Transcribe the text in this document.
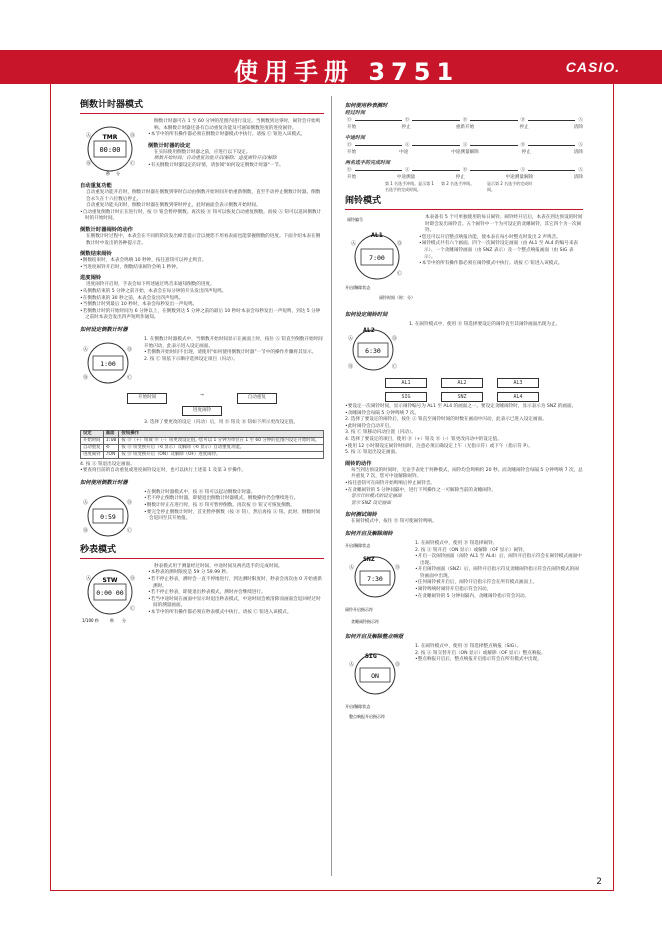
使用手册 3751	CASIO.
倒数计时器模式
TMR
00:00
Ⓐ
Ⓑ
Ⓓ
Ⓒ
秒 分

倒数计时器可在 1 至 60 分钟的范围内进行设定。当倒数到达零时，闹铃会开始鸣响。本倒数计时器还备有自动重复功能及可通知倒数进度的进度闹铃。

• 本节中的所有操作都必须在倒数计时器模式中执行。请按 Ⓒ 钮进入该模式。

倒数计时器的设定

在实际使用倒数计时器之前，应进行以下设定。

倒数开始时间；自动重复功能开启/解除；进度闹铃开启/解除

• 有关倒数计时器设定的详情，请参阅"如何设定倒数计时器"一节。

自动重复功能

自动重复功能开启时，倒数计时器在倒数到零时自动由倒数开始时间开始重新倒数，直至手动停止倒数计时器。倒数会永久在十六位数后停止。

自动重复功能关闭时，倒数计时器在倒数到零时停止，此时画面会表示倒数开始时间。

• 自动重复倒数计时正在进行时，按 Ⓓ 钮会暂停倒数。再次按 Ⓓ 钮可以恢复自动重复倒数。而按 Ⓐ 钮可以返回倒数计时的开始时间。

倒数计时器闹铃的动作

在倒数计时过程中，本表会在不同的阶段发出蜂音提示音以便您不用看表面也能掌握倒数的进度。下面介绍本表在倒数计时中发出的各种提示音。

倒数结束闹铃

• 倒数结束时，本表会鸣响 10 秒钟，按任意钮可以停止鸣音。

• 当进度闹铃开启时，倒数结束闹铃会响 1 秒钟。

进度闹铃

进度闹铃开启时，手表会如下所述通过鸣音来通知倒数的进度。

• 从倒数结束的 5 分钟之前开始，本表会在每分钟的开头发出四声短鸣。

• 在倒数结束的 30 秒之前，本表会发出四声短鸣。

• 当倒数计时到最后 10 秒时，本表会每秒发出一声短鸣。

• 若倒数计时的开始时间为 6 分钟以上，在倒数到达 5 分钟之前的最后 10 秒时本表会每秒发出一声短鸣，到达 5 分钟之前时本表会发出四声短鸣作通知。

如何设定倒数计时器
1:00
Ⓐ
Ⓑ
Ⓓ
Ⓒ

1. 在倒数计时器模式中，当倒数开始时间显示在画面上时，按住 Ⓐ 钮直至倒数开始时间开始闪动，此表示进入设定画面。

• 若倒数开始时间不出现，请使用"如何使用倒数计时器"一节中的操作步骤将其显示。

2. 按 Ⓒ 钮依下示顺序选择设定项目（闪动）。

开始时间	→	自动重复
进度闹铃

3. 选择了要更改的设定（闪动）后，用 Ⓓ 钮及 Ⓑ 钮如下所示更改设定值。

设定	画面	按钮操作
开始时间	1:00	按 Ⓓ（+）钮或 Ⓑ（-）钮更改设定值。·您可以 1 分钟为单位在 1 至 60 分钟的范围内设定开始时间。
自动重复	⟲	按 Ⓓ 钮变换开启（⟲ 显示）及解除（⟲ 显示）自动重复功能。
进度闹铃	♪ON	按 Ⓓ 钮变换开启（ON）及解除（OF）进度闹铃。

4. 按 Ⓐ 钮退出设定画面。

• 要查询目前的自动重复或进度闹铃设定时，也可以执行上述第 1 及第 3 步操作。

如何使用倒数计时器
0:59
Ⓐ
Ⓑ
Ⓓ
Ⓒ

• 在倒数计时器模式中，按 Ⓓ 钮可以起动倒数计时器。

• 若不停止倒数计时器，即使退出倒数计时器模式，倒数操作仍会继续进行。

• 倒数计时正在进行时，按 Ⓓ 钮可暂停倒数。再次按 Ⓓ 钮又可恢复倒数。

• 要完全停止倒数计时时，首先暂停倒数（按 Ⓓ 钮），然后再按 Ⓐ 钮。此时，倒数时间会返回至其开始值。

秒表模式
STW
0:00 00
Ⓐ	Ⓓ
Ⓒ
1/100 秒	秒 分

秒表模式用于测量经过时间、中途时间及两名选手的完成时间。

• 本秒表的测时限度是 59 分 59.99 秒。

• 若不停止秒表，测时会一直不停地进行，到达测时限度时，秒表会再次由 0 开始重新测时。

• 若不停止秒表，即使退出秒表模式，测时亦会继续进行。

• 若当中途时间在画面中显示时退出秒表模式，中途时间会被清除而画面会返回经过时间的测量画面。

• 本节中的所有操作都必须在秒表模式中执行。请按 Ⓒ 钮进入该模式。

如何使用秒表测时
经过时间
Ⓓ	Ⓓ	Ⓓ	Ⓓ	Ⓐ
开始	停止	重新开始	停止	清除
中途时间
Ⓓ	Ⓐ	Ⓐ	Ⓓ	Ⓐ
开始	中途	中途测量解除	停止	清除
两名选手的完成时间
Ⓓ	Ⓐ	Ⓓ	Ⓐ	Ⓐ
开始	中途测量	停止	中途测量解除	清除
第 1 名选手冲线。显示第 1 名选手的完成时间。
第 2 名选手冲线。	显示第 2 名选手的完成时间。
闹铃模式
闹铃编号
AL1
7:00
Ⓐ	Ⓓ
Ⓒ
开启/解除状态
闹铃时间（时：分）

本表备有 5 个可单独使用的每日闹铃。闹铃经开启后，本表在到达预设的时间时即会发出闹铃音。五个闹铃中一个为可设定的贪睡闹铃，其它四个为一次闹铃。

• 您还可以开启整点响报功能，使本表在每小时整点时发出 2 声鸣音。

• 闹铃模式共有六个画面。四个一次闹铃设定画面（由 AL1 至 AL4 的编号来表示）、一个贪睡闹铃画面（由 SNZ 表示）及一个整点响报画面（由 SIG 表示）。

• 本节中的所有操作都必须在闹铃模式中执行。请按 Ⓒ 钮进入该模式。

如何设定闹铃时间
AL2
6:30
Ⓐ
Ⓑ
Ⓓ
Ⓒ

1. 在闹铃模式中，使用 Ⓓ 钮选择要设定的闹铃直至其闹铃画面出现为止。

AL1	AL2	AL3
SIG	SNZ	AL4

• 要设定一次闹铃时间，显示闹铃编号为 AL1 至 AL4 的画面之一。要设定贪睡闹铃时，显示表示为 SNZ 的画面。

• 贪睡闹铃会每隔 5 分钟鸣响 7 次。

2. 选择了要设定的闹铃后，按住 Ⓐ 钮直至闹铃时间的时数在画面中闪动，此表示已进入设定画面。

• 此时闹铃会自动开启。

3. 按 Ⓒ 钮移动闪动位置（闪动）。

4. 选择了要设定的项目，使用 Ⓓ（+）钮及 Ⓑ（-）钮更改闪动中的设定值。

• 使用 12 小时制设定闹铃时间时，注意必须正确设定上午（无指示符）或下午（指示符 P）。

5. 按 Ⓐ 钮退出设定画面。

闹铃的动作

每当到达预设的时间时，无论手表处于何种模式，闹铃均会鸣响约 20 秒。而贪睡闹铃会每隔 5 分钟鸣响 7 次，总共重复 7 次，您可中途解除闹铃。

• 按任意钮可在闹铃开始鸣响后停止闹铃音。

• 在贪睡闹铃的 5 分钟间隔中，进行下列操作之一可解除当前的贪睡闹铃。

显示计时模式的设定画面

显示 SNZ 设定画面

如何测试闹铃

在闹铃模式中，按住 Ⓓ 钮可使闹铃鸣响。

如何开启及解除闹铃
开启/解除状态
SNZ
7:30
Ⓐ	Ⓓ
闹铃开启指示符
贪睡闹铃指示符

1. 在闹铃模式中，使用 Ⓓ 钮选择闹铃。

2. 按 Ⓐ 钮开启（ON 显示）或解除（OF 显示）闹铃。

• 开启一次闹铃画面（闹铃 AL1 至 AL4）后，闹铃开启指示符会在闹铃模式画面中出现。

• 开启闹铃画面（SNZ）后，闹铃开启指示符及贪睡闹铃指示符会在闹铃模式的闹铃画面中出现。

• 任何闹铃被开启后，闹铃开启指示符会在所有模式画面上。

• 闹铃鸣响时闹铃开启指示符会闪动。

• 在贪睡闹铃的 5 分钟间隔内，贪睡闹铃指示符会闪动。

如何开启及解除整点响报
SIG
ON
Ⓐ	Ⓓ
开启/解除状态
整点响报开启指示符

1. 在闹铃模式中，使用 Ⓓ 钮选择整点响报（SIG）。

2. 按 Ⓐ 钮交替开启（ON 显示）或解除（OF 显示）整点响报。

• 整点响报开启后，整点响报开启指示符会在所有模式中出现。

2
